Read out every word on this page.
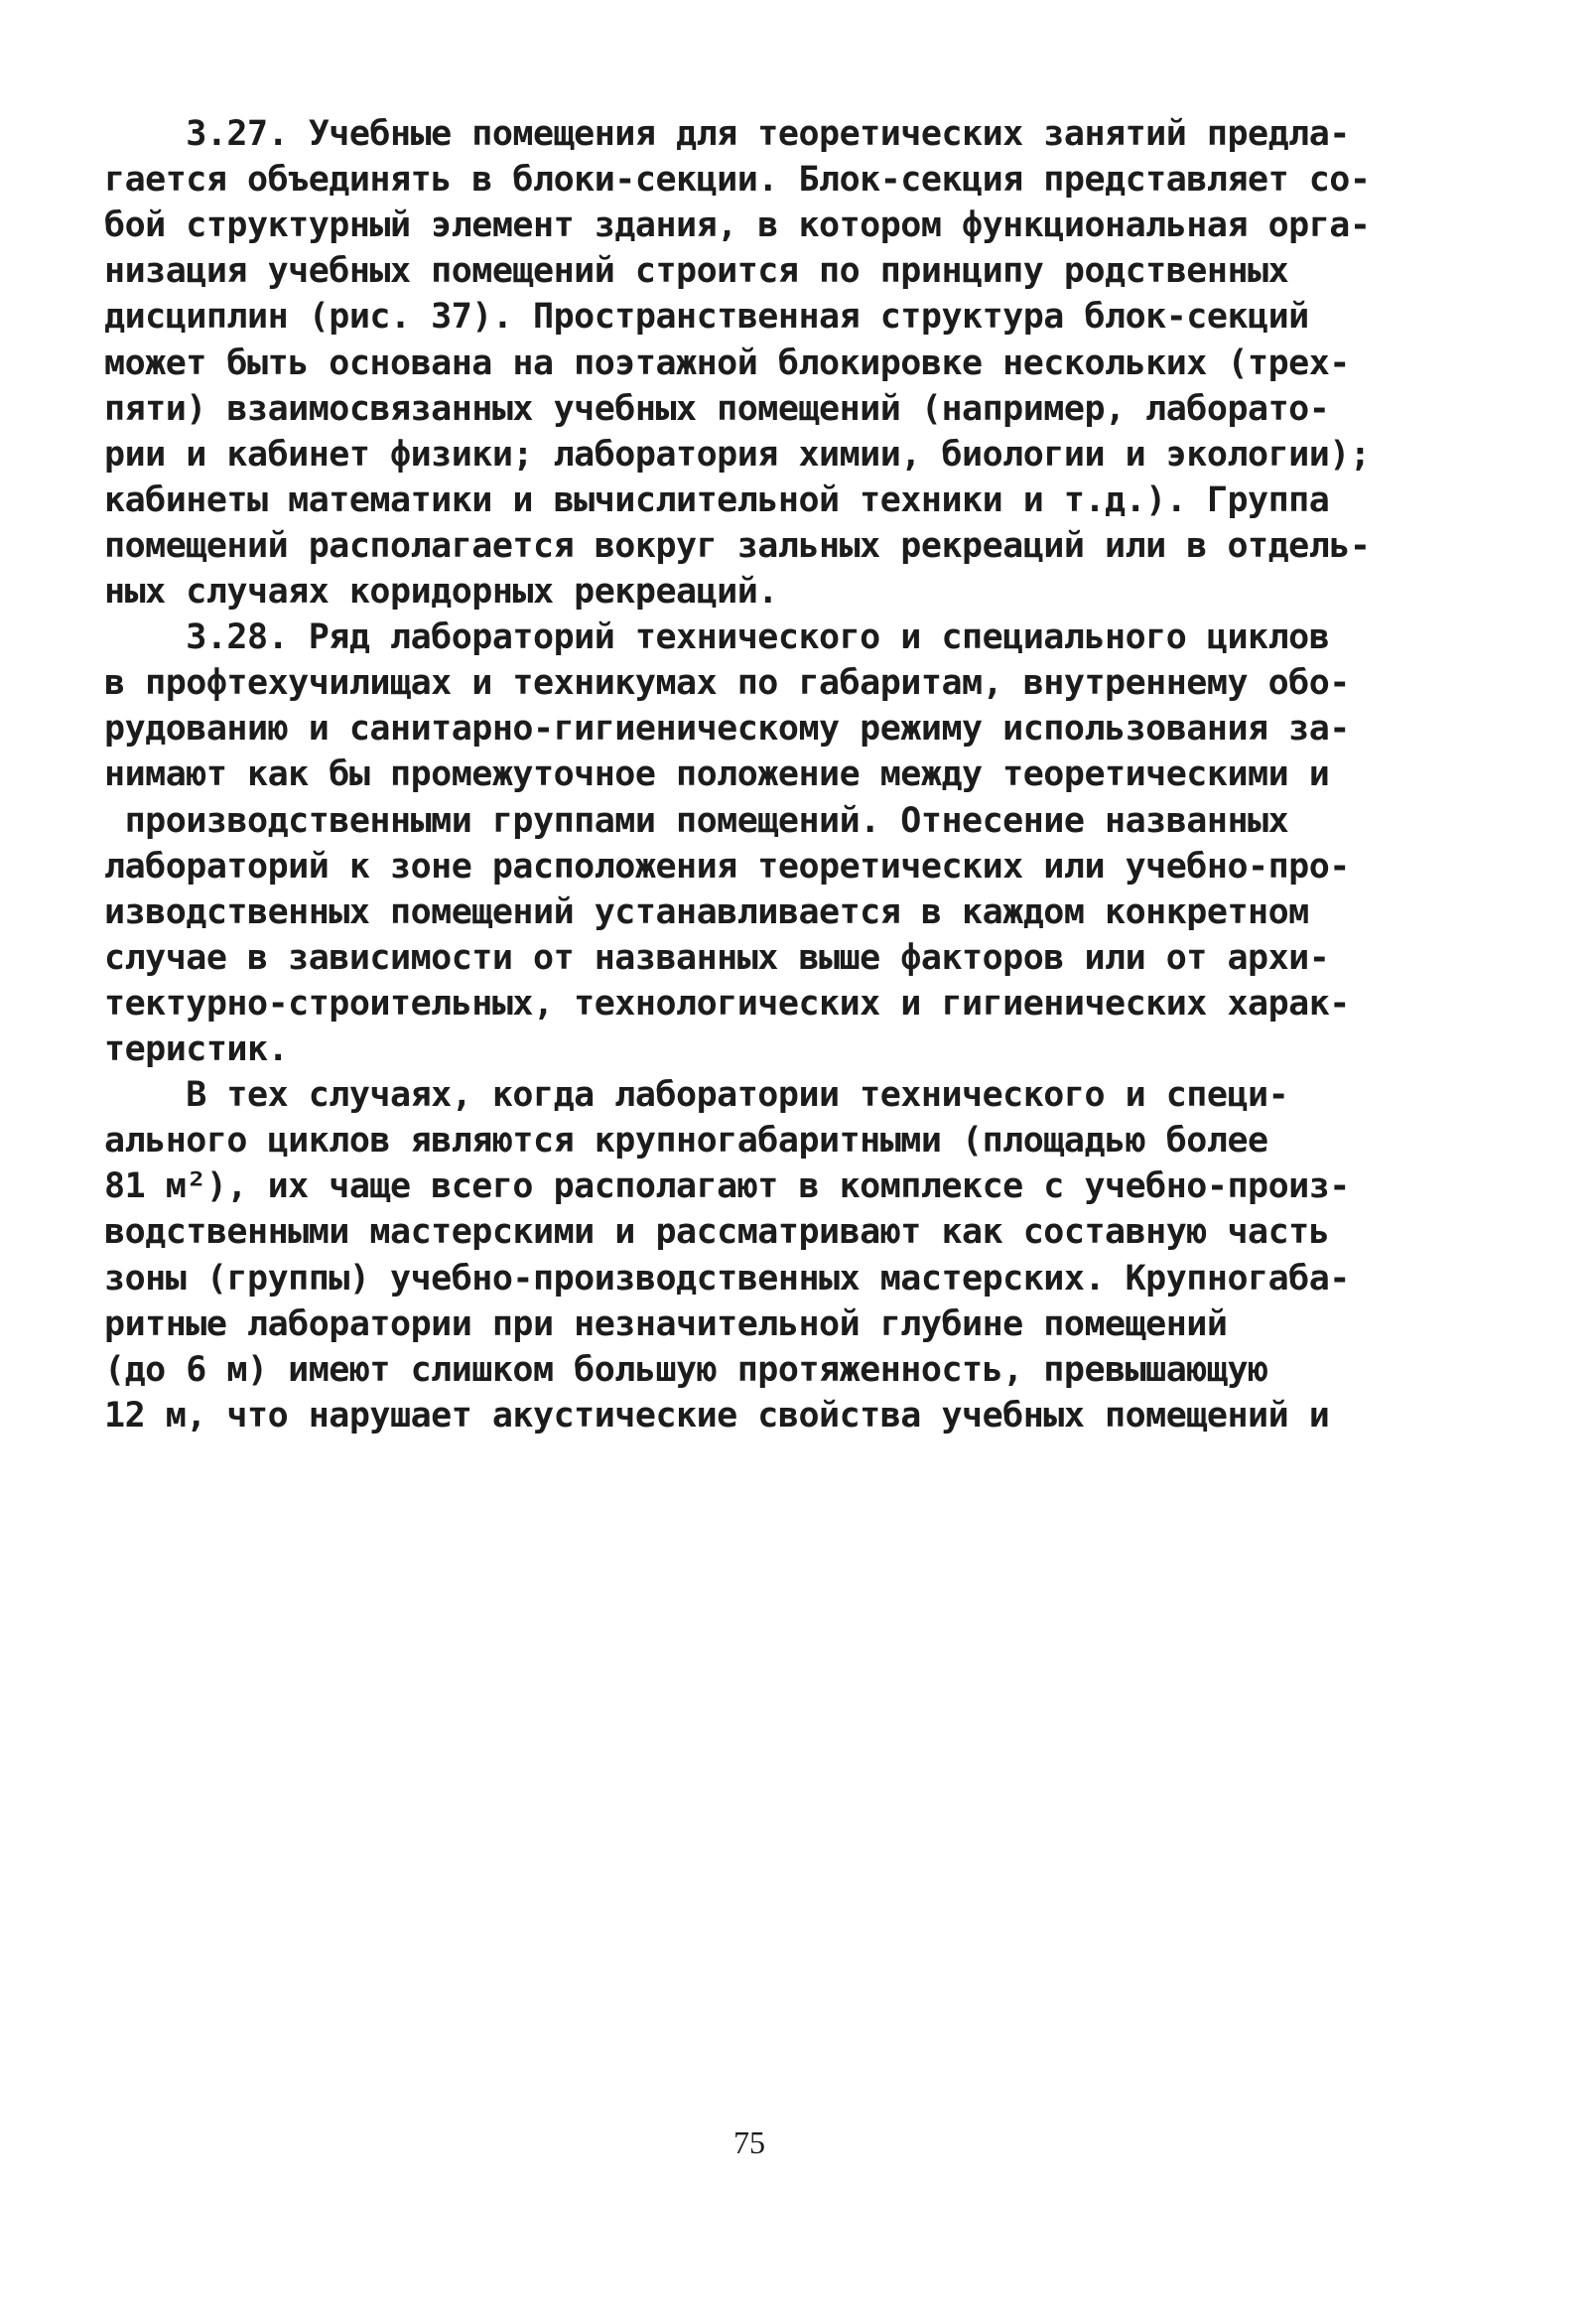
3.27. Учебные помещения для теоретических занятий предла-
гается объединять в блоки-секции. Блок-секция представляет со-
бой структурный элемент здания, в котором функциональная орга-
низация учебных помещений строится по принципу родственных
дисциплин (рис. 37). Пространственная структура блок-секций
может быть основана на поэтажной блокировке нескольких (трех-
пяти) взаимосвязанных учебных помещений (например, лаборато-
рии и кабинет физики; лаборатория химии, биологии и экологии);
кабинеты математики и вычислительной техники и т.д.). Группа
помещений располагается вокруг зальных рекреаций или в отдель-
ных случаях коридорных рекреаций.
3.28. Ряд лабораторий технического и специального циклов
в профтехучилищах и техникумах по габаритам, внутреннему обо-
рудованию и санитарно-гигиеническому режиму использования за-
нимают как бы промежуточное положение между теоретическими и
производственными группами помещений. Отнесение названных
лабораторий к зоне расположения теоретических или учебно-про-
изводственных помещений устанавливается в каждом конкретном
случае в зависимости от названных выше факторов или от архи-
тектурно-строительных, технологических и гигиенических харак-
теристик.
В тех случаях, когда лаборатории технического и специ-
ального циклов являются крупногабаритными (площадью более
81 м²), их чаще всего располагают в комплексе с учебно-произ-
водственными мастерскими и рассматривают как составную часть
зоны (группы) учебно-производственных мастерских. Крупногаба-
ритные лаборатории при незначительной глубине помещений
(до 6 м) имеют слишком большую протяженность, превышающую
12 м, что нарушает акустические свойства учебных помещений и
75
